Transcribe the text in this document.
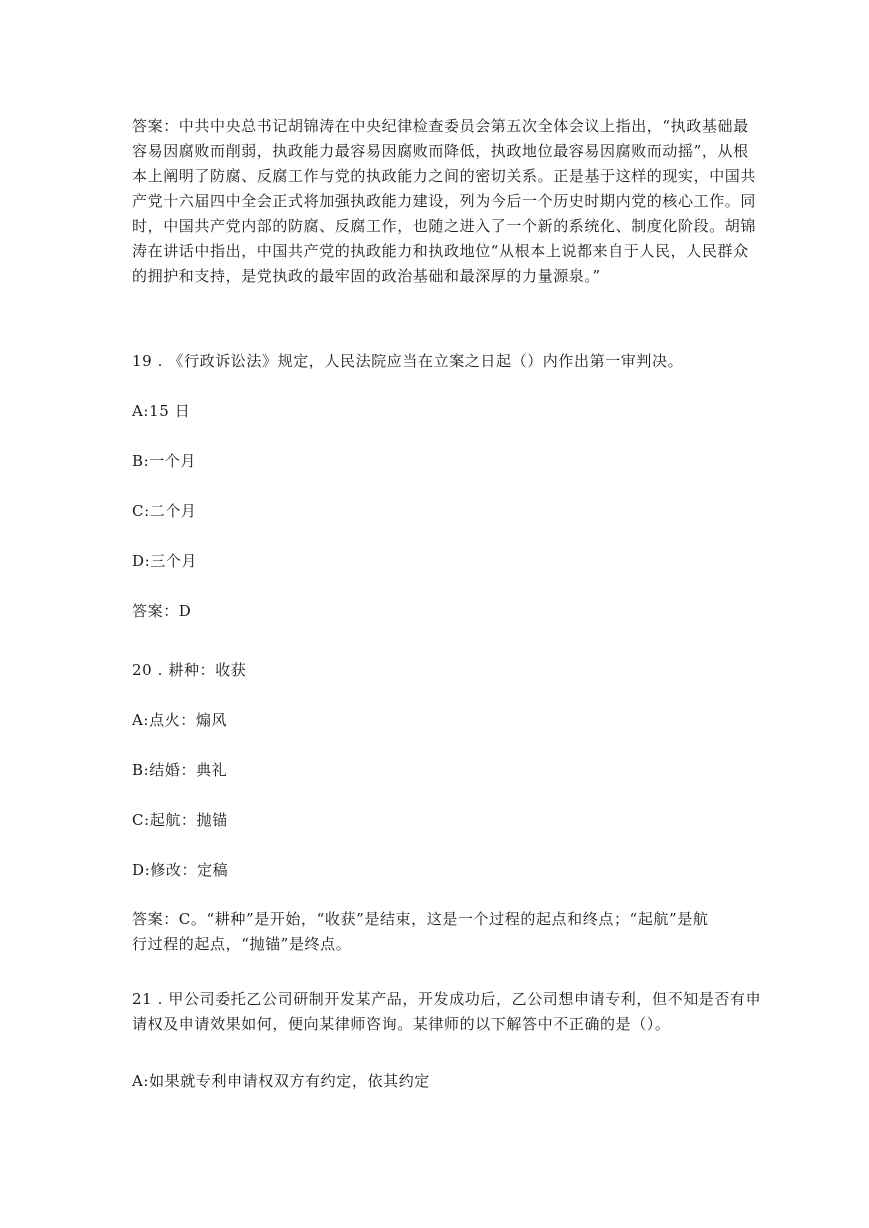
答案：中共中央总书记胡锦涛在中央纪律检查委员会第五次全体会议上指出，“执政基础最
容易因腐败而削弱，执政能力最容易因腐败而降低，执政地位最容易因腐败而动摇”，从根
本上阐明了防腐、反腐工作与党的执政能力之间的密切关系。正是基于这样的现实，中国共
产党十六届四中全会正式将加强执政能力建设，列为今后一个历史时期内党的核心工作。同
时，中国共产党内部的防腐、反腐工作，也随之进入了一个新的系统化、制度化阶段。胡锦
涛在讲话中指出，中国共产党的执政能力和执政地位“从根本上说都来自于人民，人民群众
的拥护和支持，是党执政的最牢固的政治基础和最深厚的力量源泉。”
19 . 《行政诉讼法》规定，人民法院应当在立案之日起（）内作出第一审判决。
A:15 日
B:一个月
C:二个月
D:三个月
答案：D
20 . 耕种：收获
A:点火：煽风
B:结婚：典礼
C:起航：抛锚
D:修改：定稿
答案：C。“耕种”是开始，“收获”是结束，这是一个过程的起点和终点；“起航”是航
行过程的起点，“抛锚”是终点。
21 . 甲公司委托乙公司研制开发某产品，开发成功后，乙公司想申请专利，但不知是否有申
请权及申请效果如何，便向某律师咨询。某律师的以下解答中不正确的是（）。
A:如果就专利申请权双方有约定，依其约定
